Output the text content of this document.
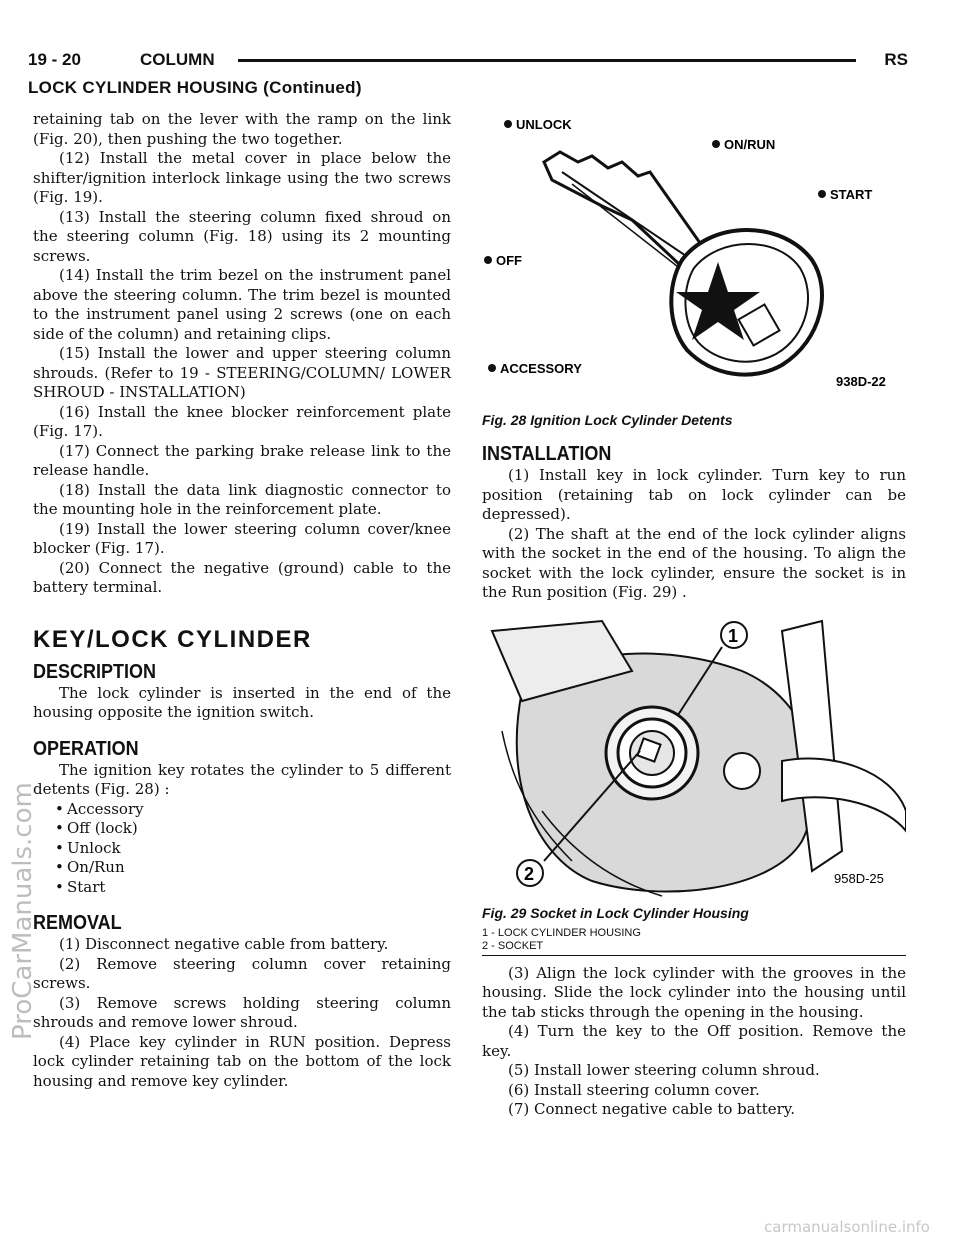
19 - 20	COLUMN	RS
LOCK CYLINDER HOUSING (Continued)

retaining tab on the lever with the ramp on the link (Fig. 20), then pushing the two together.

(12) Install the metal cover in place below the shifter/ignition interlock linkage using the two screws (Fig. 19).

(13) Install the steering column fixed shroud on the steering column (Fig. 18) using its 2 mounting screws.

(14) Install the trim bezel on the instrument panel above the steering column. The trim bezel is mounted to the instrument panel using 2 screws (one on each side of the column) and retaining clips.

(15) Install the lower and upper steering column shrouds. (Refer to 19 - STEERING/COLUMN/ LOWER SHROUD - INSTALLATION)

(16) Install the knee blocker reinforcement plate (Fig. 17).

(17) Connect the parking brake release link to the release handle.

(18) Install the data link diagnostic connector to the mounting hole in the reinforcement plate.

(19) Install the lower steering column cover/knee blocker (Fig. 17).

(20) Connect the negative (ground) cable to the battery terminal.

KEY/LOCK CYLINDER
DESCRIPTION

The lock cylinder is inserted in the end of the housing opposite the ignition switch.

OPERATION

The ignition key rotates the cylinder to 5 different detents (Fig. 28) :

• Accessory
• Off (lock)
• Unlock
• On/Run
• Start
REMOVAL

(1) Disconnect negative cable from battery.

(2) Remove steering column cover retaining screws.

(3) Remove screws holding steering column shrouds and remove lower shroud.

(4) Place key cylinder in RUN position. Depress lock cylinder retaining tab on the bottom of the lock housing and remove key cylinder.

UNLOCK
ON/RUN
START
OFF
ACCESSORY
938D-22
Fig. 28 Ignition Lock Cylinder Detents
INSTALLATION

(1) Install key in lock cylinder. Turn key to run position (retaining tab on lock cylinder can be depressed).

(2) The shaft at the end of the lock cylinder aligns with the socket in the end of the housing. To align the socket with the lock cylinder, ensure the socket is in the Run position (Fig. 29) .

1
2	958D-25
Fig. 29 Socket in Lock Cylinder Housing
1 - LOCK CYLINDER HOUSING
2 - SOCKET

(3) Align the lock cylinder with the grooves in the housing. Slide the lock cylinder into the housing until the tab sticks through the opening in the housing.

(4) Turn the key to the Off position. Remove the key.

(5) Install lower steering column shroud.

(6) Install steering column cover.

(7) Connect negative cable to battery.

ProCarManuals.com
carmanualsonline.info
